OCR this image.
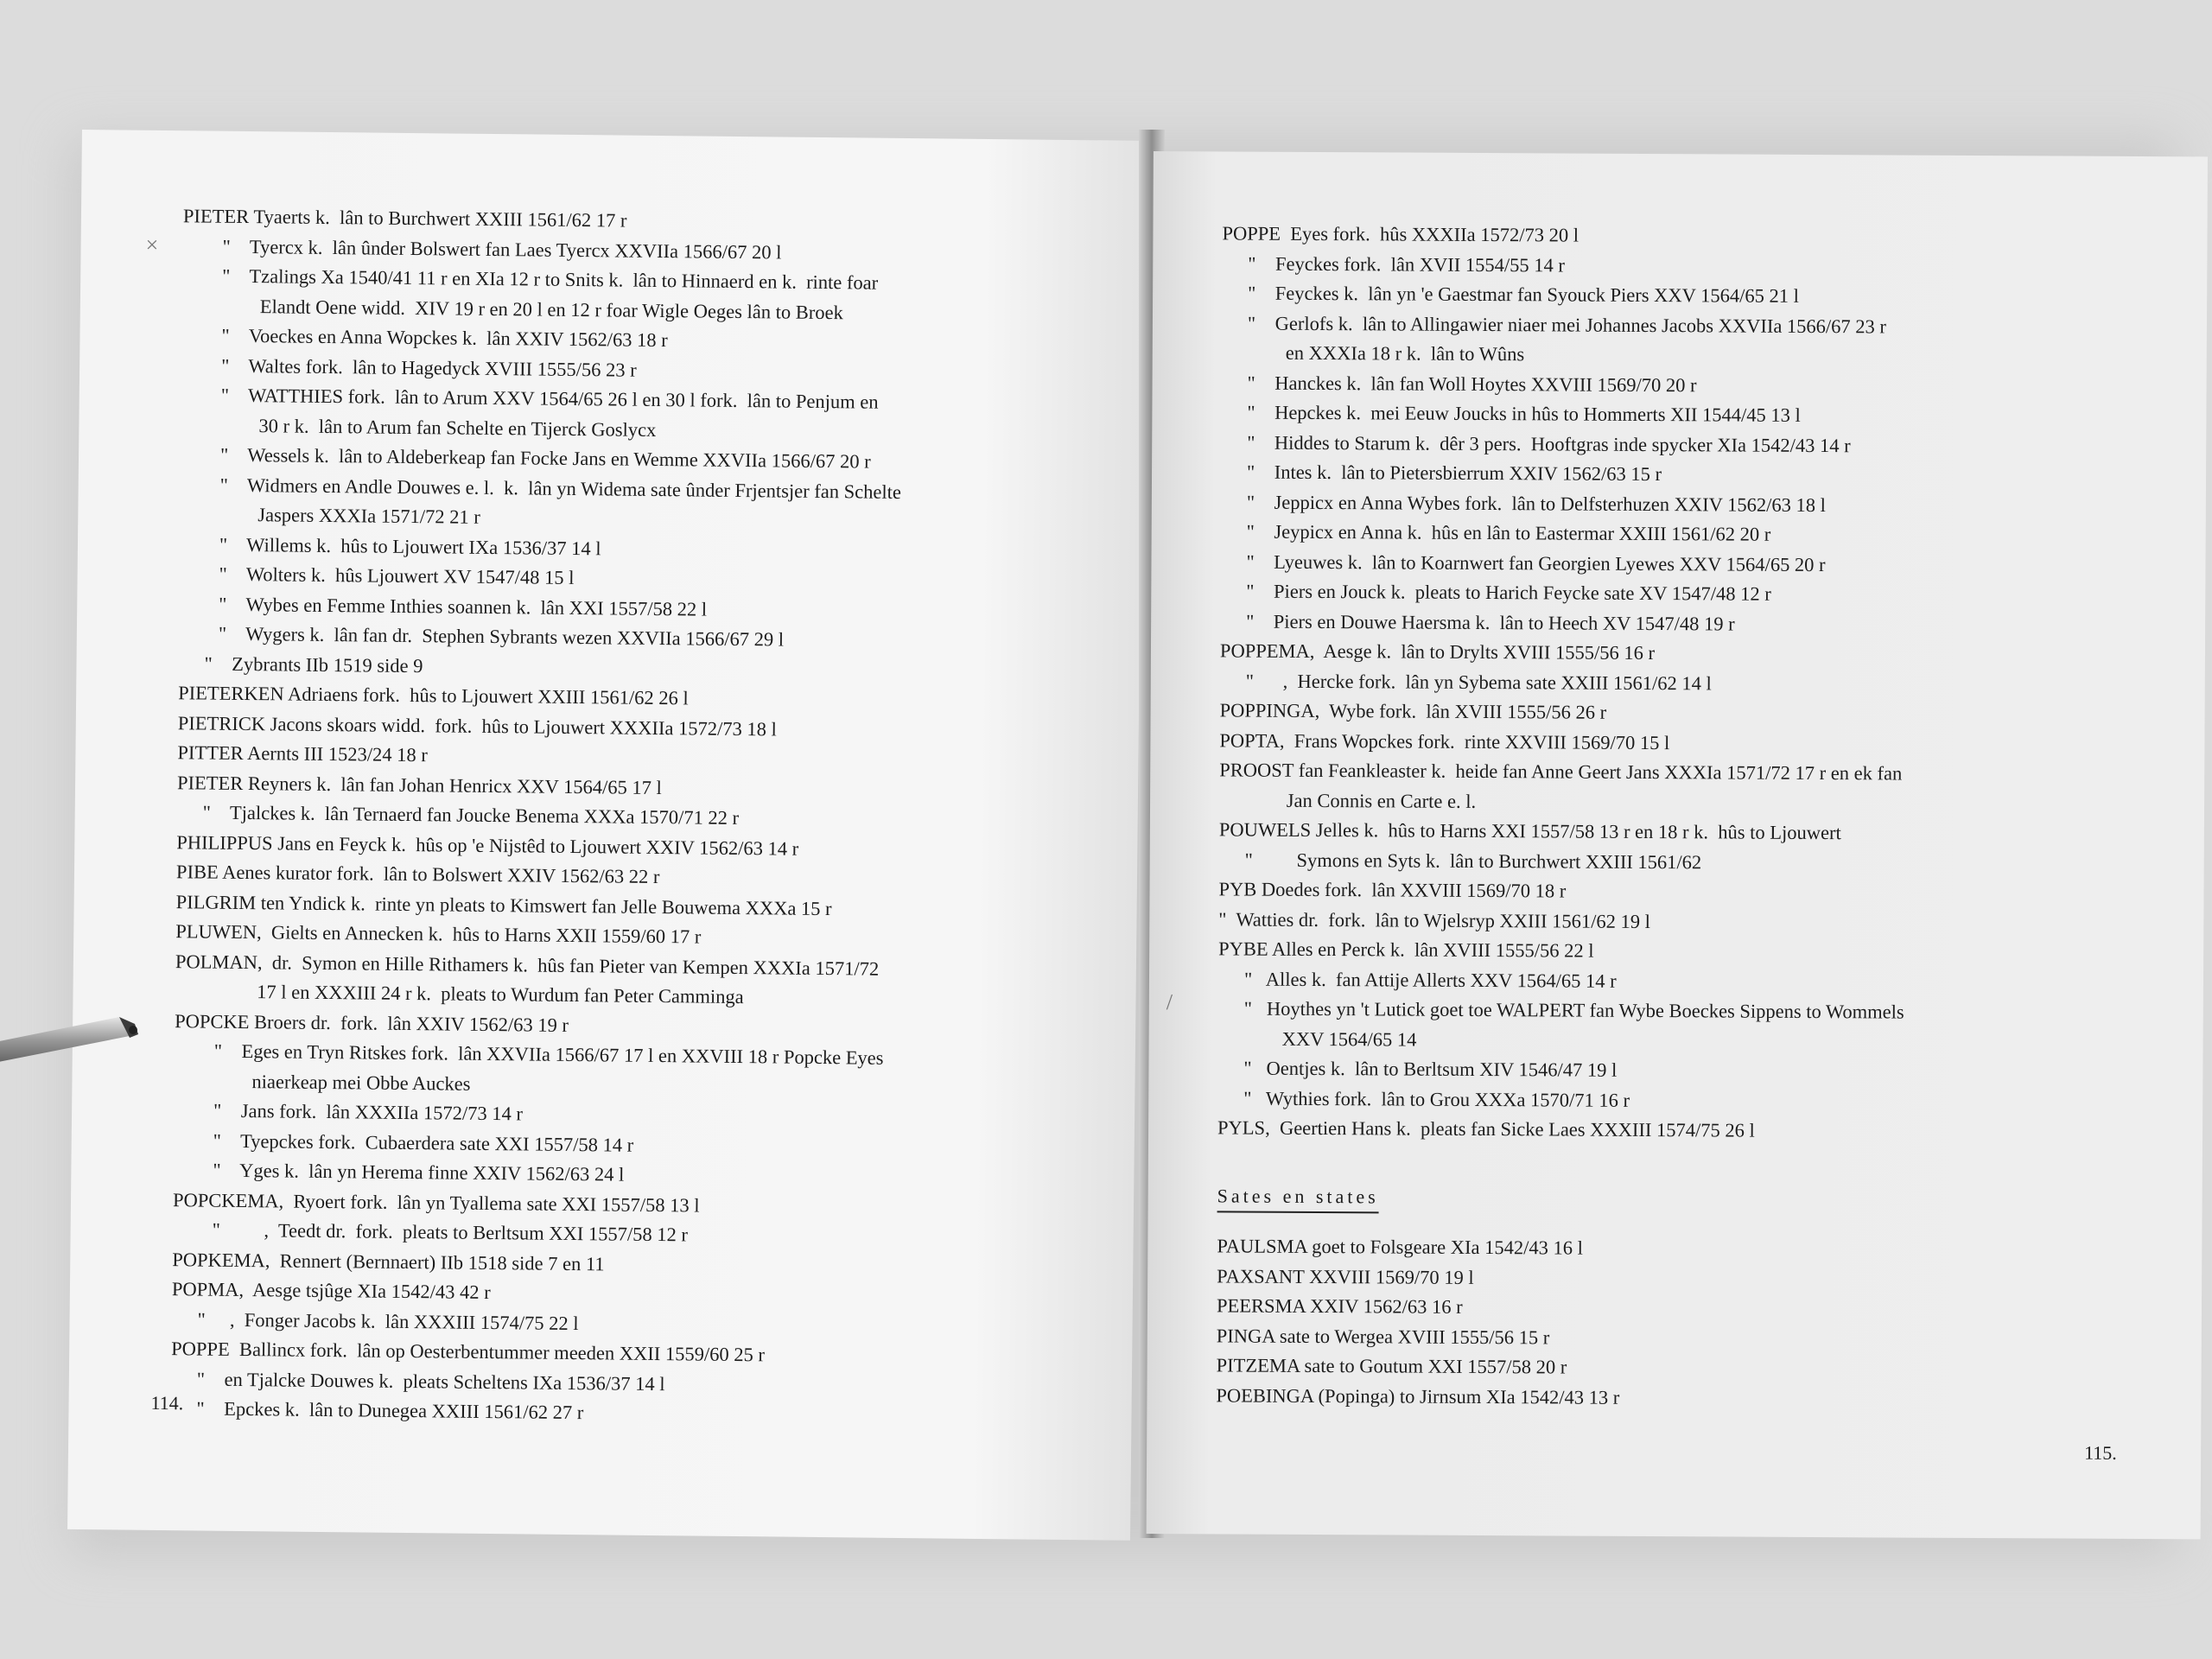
×
PIETER Tyaerts k.  lân to Burchwert XXIII 1561/62 17 r
"    Tyercx k.  lân ûnder Bolswert fan Laes Tyercx XXVIIa 1566/67 20 l
"    Tzalings Xa 1540/41 11 r en XIa 12 r to Snits k.  lân to Hinnaerd en k.  rinte foar
Elandt Oene widd.  XIV 19 r en 20 l en 12 r foar Wigle Oeges lân to Broek
"    Voeckes en Anna Wopckes k.  lân XXIV 1562/63 18 r
"    Waltes fork.  lân to Hagedyck XVIII 1555/56 23 r
"    WATTHIES fork.  lân to Arum XXV 1564/65 26 l en 30 l fork.  lân to Penjum en
30 r k.  lân to Arum fan Schelte en Tijerck Goslycx
"    Wessels k.  lân to Aldeberkeap fan Focke Jans en Wemme XXVIIa 1566/67 20 r
"    Widmers en Andle Douwes e. l.  k.  lân yn Widema sate ûnder Frjentsjer fan Schelte
Jaspers XXXIa 1571/72 21 r
"    Willems k.  hûs to Ljouwert IXa 1536/37 14 l
"    Wolters k.  hûs Ljouwert XV 1547/48 15 l
"    Wybes en Femme Inthies soannen k.  lân XXI 1557/58 22 l
"    Wygers k.  lân fan dr.  Stephen Sybrants wezen XXVIIa 1566/67 29 l
"    Zybrants IIb 1519 side 9
PIETERKEN Adriaens fork.  hûs to Ljouwert XXIII 1561/62 26 l
PIETRICK Jacons skoars widd.  fork.  hûs to Ljouwert XXXIIa 1572/73 18 l
PITTER Aernts III 1523/24 18 r
PIETER Reyners k.  lân fan Johan Henricx XXV 1564/65 17 l
"    Tjalckes k.  lân Ternaerd fan Joucke Benema XXXa 1570/71 22 r
PHILIPPUS Jans en Feyck k.  hûs op 'e Nijstêd to Ljouwert XXIV 1562/63 14 r
PIBE Aenes kurator fork.  lân to Bolswert XXIV 1562/63 22 r
PILGRIM ten Yndick k.  rinte yn pleats to Kimswert fan Jelle Bouwema XXXa 15 r
PLUWEN,  Gielts en Annecken k.  hûs to Harns XXII 1559/60 17 r
POLMAN,  dr.  Symon en Hille Rithamers k.  hûs fan Pieter van Kempen XXXIa 1571/72
17 l en XXXIII 24 r k.  pleats to Wurdum fan Peter Camminga
POPCKE Broers dr.  fork.  lân XXIV 1562/63 19 r
"    Eges en Tryn Ritskes fork.  lân XXVIIa 1566/67 17 l en XXVIII 18 r Popcke Eyes
niaerkeap mei Obbe Auckes
"    Jans fork.  lân XXXIIa 1572/73 14 r
"    Tyepckes fork.  Cubaerdera sate XXI 1557/58 14 r
"    Yges k.  lân yn Herema finne XXIV 1562/63 24 l
POPCKEMA,  Ryoert fork.  lân yn Tyallema sate XXI 1557/58 13 l
"         ,  Teedt dr.  fork.  pleats to Berltsum XXI 1557/58 12 r
POPKEMA,  Rennert (Bernnaert) IIb 1518 side 7 en 11
POPMA,  Aesge tsjûge XIa 1542/43 42 r
"     ,  Fonger Jacobs k.  lân XXXIII 1574/75 22 l
POPPE  Ballincx fork.  lân op Oesterbentummer meeden XXII 1559/60 25 r
"    en Tjalcke Douwes k.  pleats Scheltens IXa 1536/37 14 l
"    Epckes k.  lân to Dunegea XXIII 1561/62 27 r
114.
/
POPPE  Eyes fork.  hûs XXXIIa 1572/73 20 l
"    Feyckes fork.  lân XVII 1554/55 14 r
"    Feyckes k.  lân yn 'e Gaestmar fan Syouck Piers XXV 1564/65 21 l
"    Gerlofs k.  lân to Allingawier niaer mei Johannes Jacobs XXVIIa 1566/67 23 r
en XXXIa 18 r k.  lân to Wûns
"    Hanckes k.  lân fan Woll Hoytes XXVIII 1569/70 20 r
"    Hepckes k.  mei Eeuw Joucks in hûs to Hommerts XII 1544/45 13 l
"    Hiddes to Starum k.  dêr 3 pers.  Hooftgras inde spycker XIa 1542/43 14 r
"    Intes k.  lân to Pietersbierrum XXIV 1562/63 15 r
"    Jeppicx en Anna Wybes fork.  lân to Delfsterhuzen XXIV 1562/63 18 l
"    Jeypicx en Anna k.  hûs en lân to Eastermar XXIII 1561/62 20 r
"    Lyeuwes k.  lân to Koarnwert fan Georgien Lyewes XXV 1564/65 20 r
"    Piers en Jouck k.  pleats to Harich Feycke sate XV 1547/48 12 r
"    Piers en Douwe Haersma k.  lân to Heech XV 1547/48 19 r
POPPEMA,  Aesge k.  lân to Drylts XVIII 1555/56 16 r
"      ,  Hercke fork.  lân yn Sybema sate XXIII 1561/62 14 l
POPPINGA,  Wybe fork.  lân XVIII 1555/56 26 r
POPTA,  Frans Wopckes fork.  rinte XXVIII 1569/70 15 l
PROOST fan Feankleaster k.  heide fan Anne Geert Jans XXXIa 1571/72 17 r en ek fan
Jan Connis en Carte e. l.
POUWELS Jelles k.  hûs to Harns XXI 1557/58 13 r en 18 r k.  hûs to Ljouwert
"         Symons en Syts k.  lân to Burchwert XXIII 1561/62
PYB Doedes fork.  lân XXVIII 1569/70 18 r
"  Watties dr.  fork.  lân to Wjelsryp XXIII 1561/62 19 l
PYBE Alles en Perck k.  lân XVIII 1555/56 22 l
"   Alles k.  fan Attije Allerts XXV 1564/65 14 r
"   Hoythes yn 't Lutick goet toe WALPERT fan Wybe Boeckes Sippens to Wommels
XXV 1564/65 14
"   Oentjes k.  lân to Berltsum XIV 1546/47 19 l
"   Wythies fork.  lân to Grou XXXa 1570/71 16 r
PYLS,  Geertien Hans k.  pleats fan Sicke Laes XXXIII 1574/75 26 l
Sates en states
PAULSMA goet to Folsgeare XIa 1542/43 16 l
PAXSANT XXVIII 1569/70 19 l
PEERSMA XXIV 1562/63 16 r
PINGA sate to Wergea XVIII 1555/56 15 r
PITZEMA sate to Goutum XXI 1557/58 20 r
POEBINGA (Popinga) to Jirnsum XIa 1542/43 13 r
115.
